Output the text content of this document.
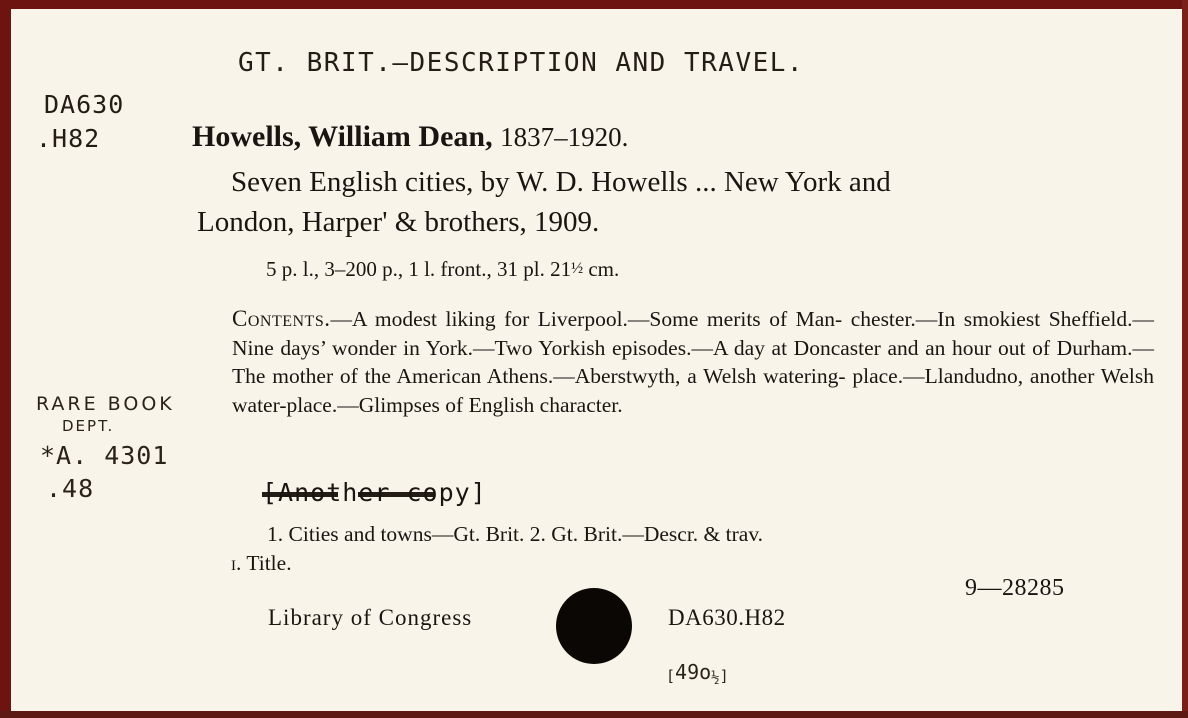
GT. BRIT.—DESCRIPTION AND TRAVEL.
DA630
.H82
RARE BOOK
DEPT.
*A. 4301
.48
Howells, William Dean, 1837–1920.
Seven English cities, by W. D. Howells ... New York and
London, Harper' & brothers, 1909.
5 p. l., 3–200 p., 1 l. front., 31 pl. 21½ cm.
Contents.—A modest liking for Liverpool.—Some merits of Man- chester.—In smokiest Sheffield.—Nine days’ wonder in York.—Two Yorkish episodes.—A day at Doncaster and an hour out of Durham.— The mother of the American Athens.—Aberstwyth, a Welsh watering- place.—Llandudno, another Welsh water-place.—Glimpses of English character.
[Another copy]
1. Cities and towns—Gt. Brit. 2. Gt. Brit.—Descr. & trav.
i. Title.
Library of Congress	DA630.H82
9—28285
[49o½]
